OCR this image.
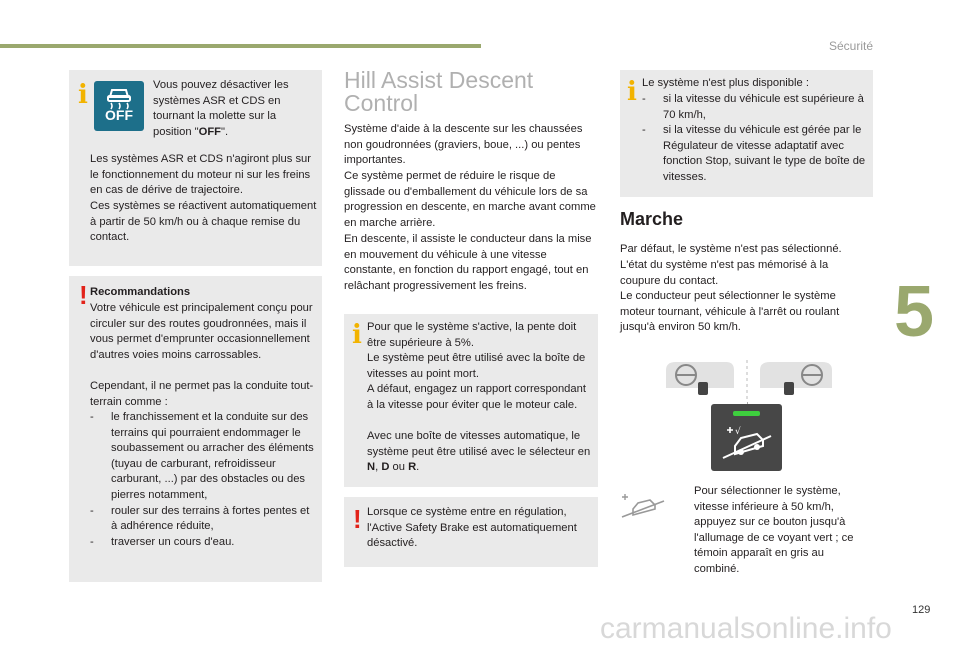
Sécurité
5
i
OFF

Vous pouvez désactiver les systèmes ASR et CDS en tournant la molette sur la position "OFF".

Les systèmes ASR et CDS n'agiront plus sur le fonctionnement du moteur ni sur les freins en cas de dérive de trajectoire.

Ces systèmes se réactivent automatiquement à partir de 50 km/h ou à chaque remise du contact.

! Recommandations

Votre véhicule est principalement conçu pour circuler sur des routes goudronnées, mais il vous permet d'emprunter occasionnellement d'autres voies moins carrossables.

Cependant, il ne permet pas la conduite tout-terrain comme :

- le franchissement et la conduite sur des terrains qui pourraient endommager le soubassement ou arracher des éléments (tuyau de carburant, refroidisseur carburant, ...) par des obstacles ou des pierres notamment,
- rouler sur des terrains à fortes pentes et à adhérence réduite,
- traverser un cours d'eau.
Hill Assist Descent
Control

Système d'aide à la descente sur les chaussées non goudronnées (graviers, boue, ...) ou pentes importantes.

Ce système permet de réduire le risque de glissade ou d'emballement du véhicule lors de sa progression en descente, en marche avant comme en marche arrière.

En descente, il assiste le conducteur dans la mise en mouvement du véhicule à une vitesse constante, en fonction du rapport engagé, tout en relâchant progressivement les freins.

i Pour que le système s'active, la pente doit être supérieure à 5%.

Le système peut être utilisé avec la boîte de vitesses au point mort.

A défaut, engagez un rapport correspondant à la vitesse pour éviter que le moteur cale.

Avec une boîte de vitesses automatique, le système peut être utilisé avec le sélecteur en N, D ou R.

! Lorsque ce système entre en régulation, l'Active Safety Brake est automatiquement désactivé.

i Le système n'est plus disponible :

- si la vitesse du véhicule est supérieure à 70 km/h,
- si la vitesse du véhicule est gérée par le Régulateur de vitesse adaptatif avec fonction Stop, suivant le type de boîte de vitesses.
Marche

Par défaut, le système n'est pas sélectionné.

L'état du système n'est pas mémorisé à la coupure du contact.

Le conducteur peut sélectionner le système moteur tournant, véhicule à l'arrêt ou roulant jusqu'à environ 50 km/h.

√

Pour sélectionner le système, vitesse inférieure à 50 km/h, appuyez sur ce bouton jusqu'à l'allumage de ce voyant vert ; ce témoin apparaît en gris au combiné.

129
carmanualsonline.info
